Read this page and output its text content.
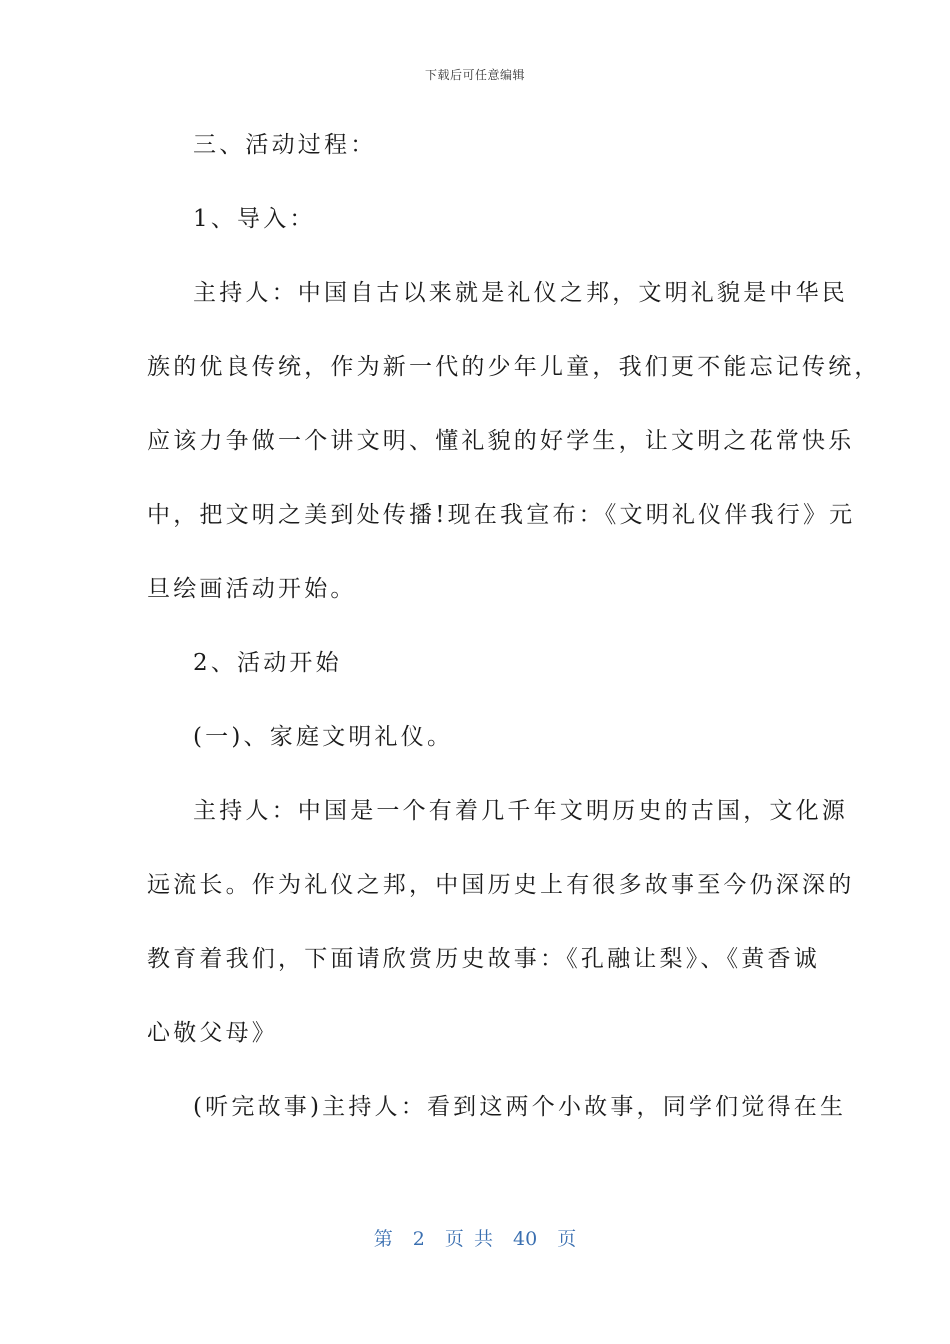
下载后可任意编辑
三、活动过程：
1、导入：
主持人：中国自古以来就是礼仪之邦，文明礼貌是中华民
族的优良传统，作为新一代的少年儿童，我们更不能忘记传统，
应该力争做一个讲文明、懂礼貌的好学生，让文明之花常快乐
中，把文明之美到处传播!现在我宣布：《文明礼仪伴我行》元
旦绘画活动开始。
2、活动开始
(一)、家庭文明礼仪。
主持人：中国是一个有着几千年文明历史的古国，文化源
远流长。作为礼仪之邦，中国历史上有很多故事至今仍深深的
教育着我们，下面请欣赏历史故事：《孔融让梨》、《黄香诚
心敬父母》
(听完故事)主持人：看到这两个小故事，同学们觉得在生
第 2 页 共 40 页
